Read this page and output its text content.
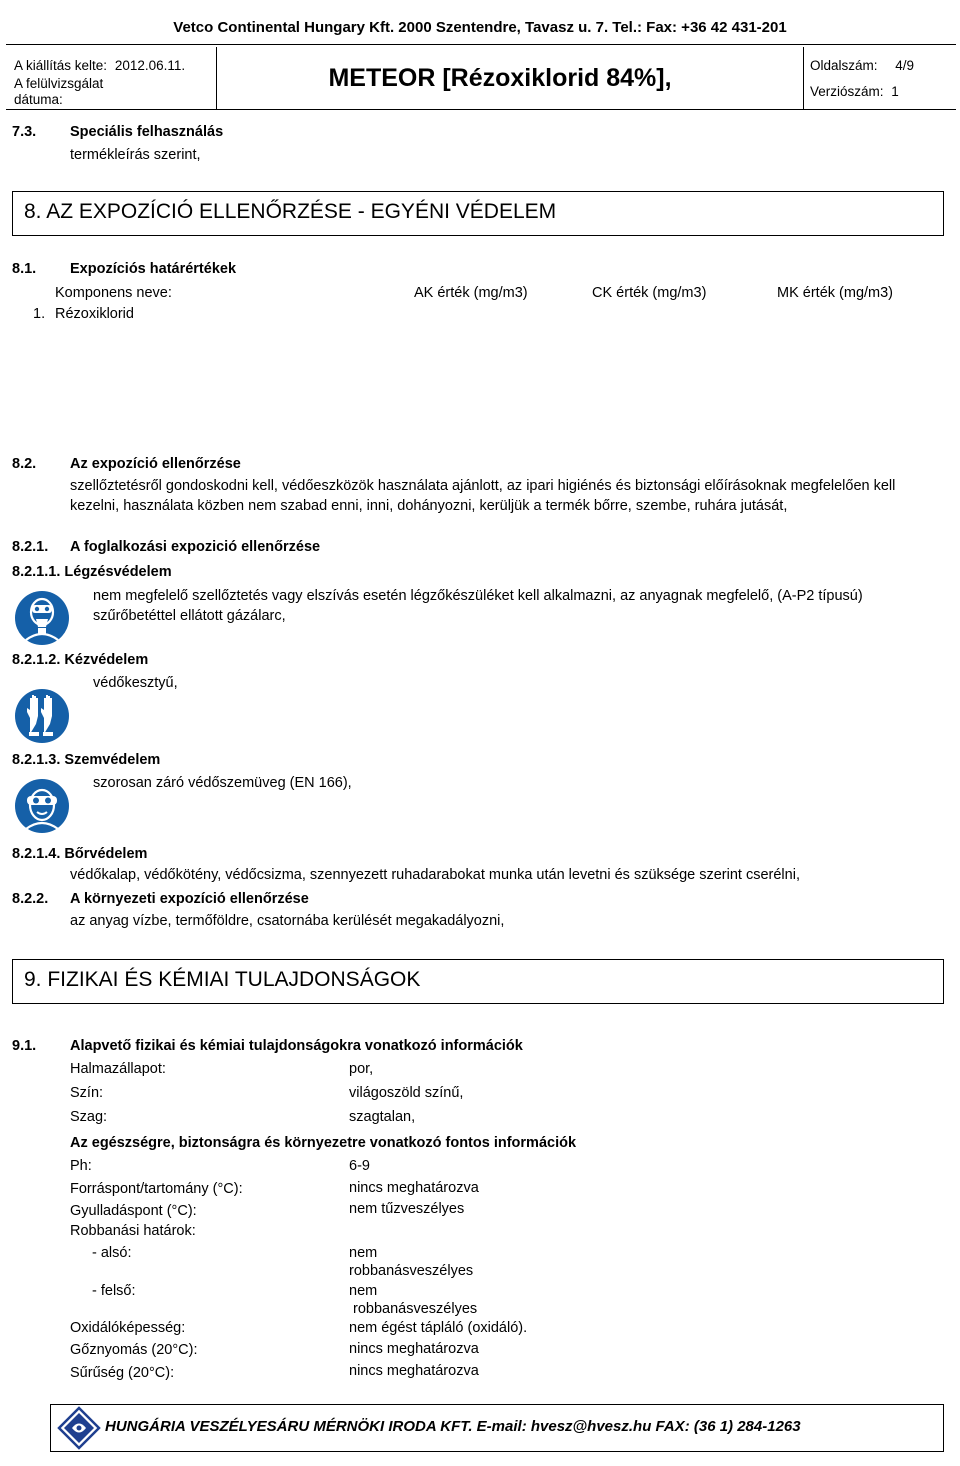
Vetco Continental Hungary Kft. 2000 Szentendre, Tavasz u. 7. Tel.: Fax: +36 42 431-201
A kiállítás kelte: 2012.06.11.
A felülvizsgálat
dátuma:
METEOR [Rézoxiklorid 84%],	Oldalszám: 4/9
Verziószám: 1
7.3. Speciális felhasználás
termékleírás szerint,
8. AZ EXPOZÍCIÓ ELLENŐRZÉSE - EGYÉNI VÉDELEM
8.1. Expozíciós határértékek
Komponens neve:	AK érték (mg/m3)	CK érték (mg/m3)	MK érték (mg/m3)
1. Rézoxiklorid
8.2. Az expozíció ellenőrzése
szellőztetésről gondoskodni kell, védőeszközök használata ajánlott, az ipari higiénés és biztonsági előírásoknak megfelelően kell kezelni, használata közben nem szabad enni, inni, dohányozni, kerüljük a termék bőrre, szembe, ruhára jutását,
8.2.1. A foglalkozási expozició ellenőrzése
8.2.1.1. Légzésvédelem
nem megfelelő szellőztetés vagy elszívás esetén légzőkészüléket kell alkalmazni, az anyagnak megfelelő, (A-P2 típusú) szűrőbetéttel ellátott gázálarc,
8.2.1.2. Kézvédelem
védőkesztyű,
8.2.1.3. Szemvédelem
szorosan záró védőszemüveg (EN 166),
8.2.1.4. Bőrvédelem
védőkalap, védőkötény, védőcsizma, szennyezett ruhadarabokat munka után levetni és szüksége szerint cserélni,
8.2.2. A környezeti expozíció ellenőrzése
az anyag vízbe, termőföldre, csatornába kerülését megakadályozni,
9. FIZIKAI ÉS KÉMIAI TULAJDONSÁGOK
9.1. Alapvető fizikai és kémiai tulajdonságokra vonatkozó információk
Halmazállapot:	por,
Szín:	világoszöld színű,
Szag:	szagtalan,
Az egészségre, biztonságra és környezetre vonatkozó fontos információk
Ph:	6-9
Forráspont/tartomány (°C):	nincs meghatározva
Gyulladáspont (°C):	nem tűzveszélyes
Robbanási határok:
- alsó:	nem
robbanásveszélyes
- felső:	nem
robbanásveszélyes
Oxidálóképesség:	nem égést tápláló (oxidáló).
Gőznyomás (20°C):	nincs meghatározva
Sűrűség (20°C):	nincs meghatározva
HUNGÁRIA VESZÉLYESÁRU MÉRNÖKI IRODA KFT. E-mail: hvesz@hvesz.hu FAX: (36 1) 284-1263
